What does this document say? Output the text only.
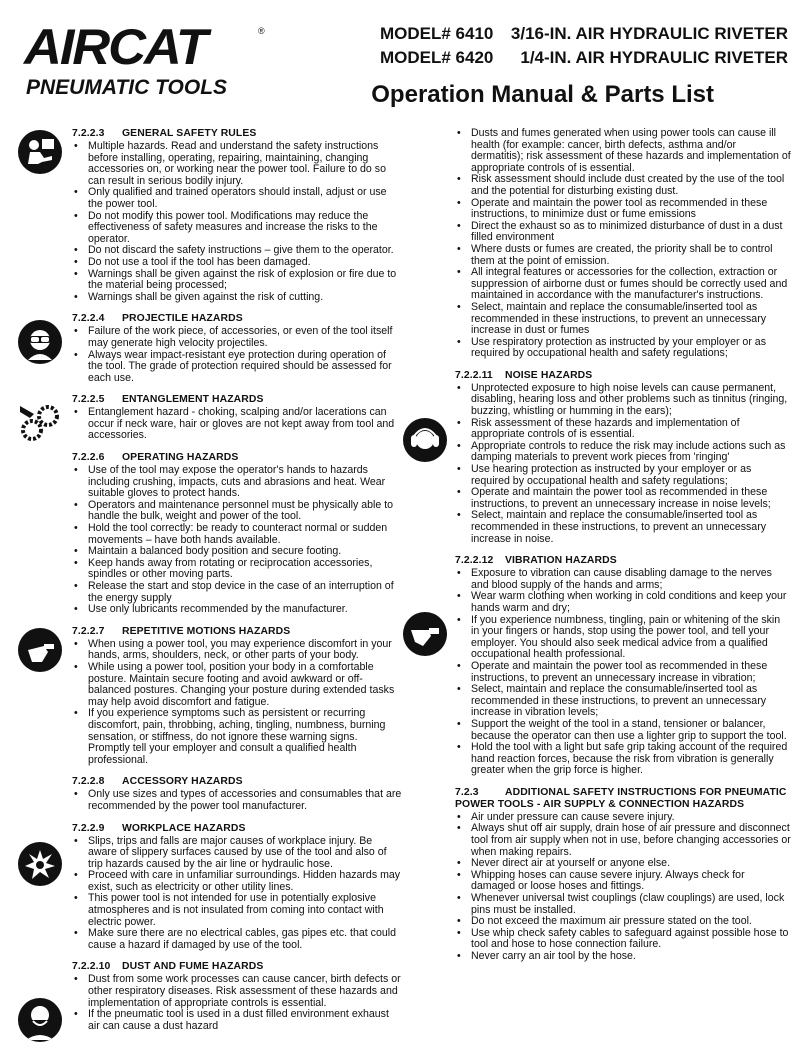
AIRCAT	®
PNEUMATIC TOOLS
MODEL# 6410 3/16-IN. AIR HYDRAULIC RIVETER
MODEL# 6420 1/4-IN. AIR HYDRAULIC RIVETER
Operation Manual & Parts List
7.2.2.3 GENERAL SAFETY RULES
• Multiple hazards. Read and understand the safety instructions before installing, operating, repairing, maintaining, changing accessories on, or working near the power tool. Failure to do so can result in serious bodily injury.
• Only qualified and trained operators should install, adjust or use the power tool.
• Do not modify this power tool. Modifications may reduce the effectiveness of safety measures and increase the risks to the operator.
• Do not discard the safety instructions – give them to the operator.
• Do not use a tool if the tool has been damaged.
• Warnings shall be given against the risk of explosion or fire due to the material being processed;
• Warnings shall be given against the risk of cutting.
7.2.2.4 PROJECTILE HAZARDS
• Failure of the work piece, of accessories, or even of the tool itself may generate high velocity projectiles.
• Always wear impact-resistant eye protection during operation of the tool. The grade of protection required should be assessed for each use.
7.2.2.5 ENTANGLEMENT HAZARDS
• Entanglement hazard - choking, scalping and/or lacerations can occur if neck ware, hair or gloves are not kept away from tool and accessories.
7.2.2.6 OPERATING HAZARDS
• Use of the tool may expose the operator's hands to hazards including crushing, impacts, cuts and abrasions and heat. Wear suitable gloves to protect hands.
• Operators and maintenance personnel must be physically able to handle the bulk, weight and power of the tool.
• Hold the tool correctly: be ready to counteract normal or sudden movements – have both hands available.
• Maintain a balanced body position and secure footing.
• Keep hands away from rotating or reciprocation accessories, spindles or other moving parts.
• Release the start and stop device in the case of an interruption of the energy supply
• Use only lubricants recommended by the manufacturer.
7.2.2.7 REPETITIVE MOTIONS HAZARDS
• When using a power tool, you may experience discomfort in your hands, arms, shoulders, neck, or other parts of your body.
• While using a power tool, position your body in a comfortable posture. Maintain secure footing and avoid awkward or off-balanced postures. Changing your posture during extended tasks may help avoid discomfort and fatigue.
• If you experience symptoms such as persistent or recurring discomfort, pain, throbbing, aching, tingling, numbness, burning sensation, or stiffness, do not ignore these warning signs. Promptly tell your employer and consult a qualified health professional.
7.2.2.8 ACCESSORY HAZARDS
• Only use sizes and types of accessories and consumables that are recommended by the power tool manufacturer.
7.2.2.9 WORKPLACE HAZARDS
• Slips, trips and falls are major causes of workplace injury. Be aware of slippery surfaces caused by use of the tool and also of trip hazards caused by the air line or hydraulic hose.
• Proceed with care in unfamiliar surroundings. Hidden hazards may exist, such as electricity or other utility lines.
• This power tool is not intended for use in potentially explosive atmospheres and is not insulated from coming into contact with electric power.
• Make sure there are no electrical cables, gas pipes etc. that could cause a hazard if damaged by use of the tool.
7.2.2.10 DUST AND FUME HAZARDS
• Dust from some work processes can cause cancer, birth defects or other respiratory diseases. Risk assessment of these hazards and implementation of appropriate controls is essential.
• If the pneumatic tool is used in a dust filled environment exhaust air can cause a dust hazard
• Dusts and fumes generated when using power tools can cause ill health (for example: cancer, birth defects, asthma and/or dermatitis); risk assessment of these hazards and implementation of appropriate controls of is essential.
• Risk assessment should include dust created by the use of the tool and the potential for disturbing existing dust.
• Operate and maintain the power tool as recommended in these instructions, to minimize dust or fume emissions
• Direct the exhaust so as to minimized disturbance of dust in a dust filled environment
• Where dusts or fumes are created, the priority shall be to control them at the point of emission.
• All integral features or accessories for the collection, extraction or suppression of airborne dust or fumes should be correctly used and maintained in accordance with the manufacturer's instructions.
• Select, maintain and replace the consumable/inserted tool as recommended in these instructions, to prevent an unnecessary increase in dust or fumes
• Use respiratory protection as instructed by your employer or as required by occupational health and safety regulations;
7.2.2.11 NOISE HAZARDS
• Unprotected exposure to high noise levels can cause permanent, disabling, hearing loss and other problems such as tinnitus (ringing, buzzing, whistling or humming in the ears);
• Risk assessment of these hazards and implementation of appropriate controls of is essential.
• Appropriate controls to reduce the risk may include actions such as damping materials to prevent work pieces from 'ringing'
• Use hearing protection as instructed by your employer or as required by occupational health and safety regulations;
• Operate and maintain the power tool as recommended in these instructions, to prevent an unnecessary increase in noise levels;
• Select, maintain and replace the consumable/inserted tool as recommended in these instructions, to prevent an unnecessary increase in noise.
7.2.2.12 VIBRATION HAZARDS
• Exposure to vibration can cause disabling damage to the nerves and blood supply of the hands and arms;
• Wear warm clothing when working in cold conditions and keep your hands warm and dry;
• If you experience numbness, tingling, pain or whitening of the skin in your fingers or hands, stop using the power tool, and tell your employer. You should also seek medical advice from a qualified occupational health professional.
• Operate and maintain the power tool as recommended in these instructions, to prevent an unnecessary increase in vibration;
• Select, maintain and replace the consumable/inserted tool as recommended in these instructions, to prevent an unnecessary increase in vibration levels;
• Support the weight of the tool in a stand, tensioner or balancer, because the operator can then use a lighter grip to support the tool.
• Hold the tool with a light but safe grip taking account of the required hand reaction forces, because the risk from vibration is generally greater when the grip force is higher.
7.2.3	ADDITIONAL SAFETY INSTRUCTIONS FOR PNEUMATIC POWER TOOLS - AIR SUPPLY & CONNECTION HAZARDS
• Air under pressure can cause severe injury.
• Always shut off air supply, drain hose of air pressure and disconnect tool from air supply when not in use, before changing accessories or when making repairs.
• Never direct air at yourself or anyone else.
• Whipping hoses can cause severe injury. Always check for damaged or loose hoses and fittings.
• Whenever universal twist couplings (claw couplings) are used, lock pins must be installed.
• Do not exceed the maximum air pressure stated on the tool.
• Use whip check safety cables to safeguard against possible hose to tool and hose to hose connection failure.
• Never carry an air tool by the hose.
